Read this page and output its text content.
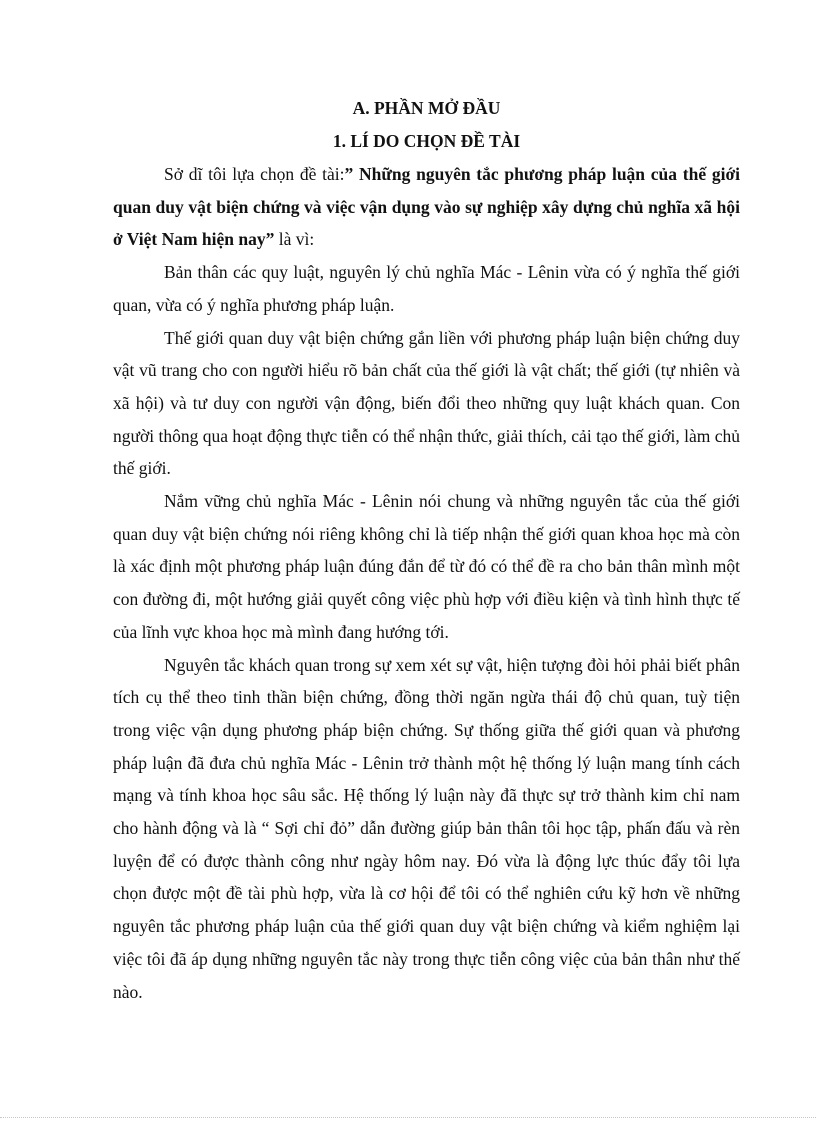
A. PHẦN MỞ ĐẦU
1. LÍ DO CHỌN ĐỀ TÀI

Sở dĩ tôi lựa chọn đề tài:” Những nguyên tắc phương pháp luận của thế giới quan duy vật biện chứng và việc vận dụng vào sự nghiệp xây dựng chủ nghĩa xã hội ở Việt Nam hiện nay” là vì:

Bản thân các quy luật, nguyên lý chủ nghĩa Mác - Lênin vừa có ý nghĩa thế giới quan, vừa có ý nghĩa phương pháp luận.

Thế giới quan duy vật biện chứng gắn liền với phương pháp luận biện chứng duy vật vũ trang cho con người hiểu rõ bản chất của thế giới là vật chất; thế giới (tự nhiên và xã hội) và tư duy con người vận động, biến đổi theo những quy luật khách quan. Con người thông qua hoạt động thực tiễn có thể nhận thức, giải thích, cải tạo thế giới, làm chủ thế giới.

Nắm vững chủ nghĩa Mác - Lênin nói chung và những nguyên tắc của thế giới quan duy vật biện chứng nói riêng không chỉ là tiếp nhận thế giới quan khoa học mà còn là xác định một phương pháp luận đúng đắn để từ đó có thể đề ra cho bản thân mình một con đường đi, một hướng giải quyết công việc phù hợp với điều kiện và tình hình thực tế của lĩnh vực khoa học mà mình đang hướng tới.

Nguyên tắc khách quan trong sự xem xét sự vật, hiện tượng đòi hỏi phải biết phân tích cụ thể theo tinh thần biện chứng, đồng thời ngăn ngừa thái độ chủ quan, tuỳ tiện trong việc vận dụng phương pháp biện chứng. Sự thống giữa thế giới quan và phương pháp luận đã đưa chủ nghĩa Mác - Lênin trở thành một hệ thống lý luận mang tính cách mạng và tính khoa học sâu sắc. Hệ thống lý luận này đã thực sự trở thành kim chỉ nam cho hành động và là “ Sợi chỉ đỏ” dẫn đường giúp bản thân tôi học tập, phấn đấu và rèn luyện để có được thành công như ngày hôm nay. Đó vừa là động lực thúc đẩy tôi lựa chọn được một đề tài phù hợp, vừa là cơ hội để tôi có thể nghiên cứu kỹ hơn về những nguyên tắc phương pháp luận của thế giới quan duy vật biện chứng và kiểm nghiệm lại việc tôi đã áp dụng những nguyên tắc này trong thực tiễn công việc của bản thân như thế nào.
